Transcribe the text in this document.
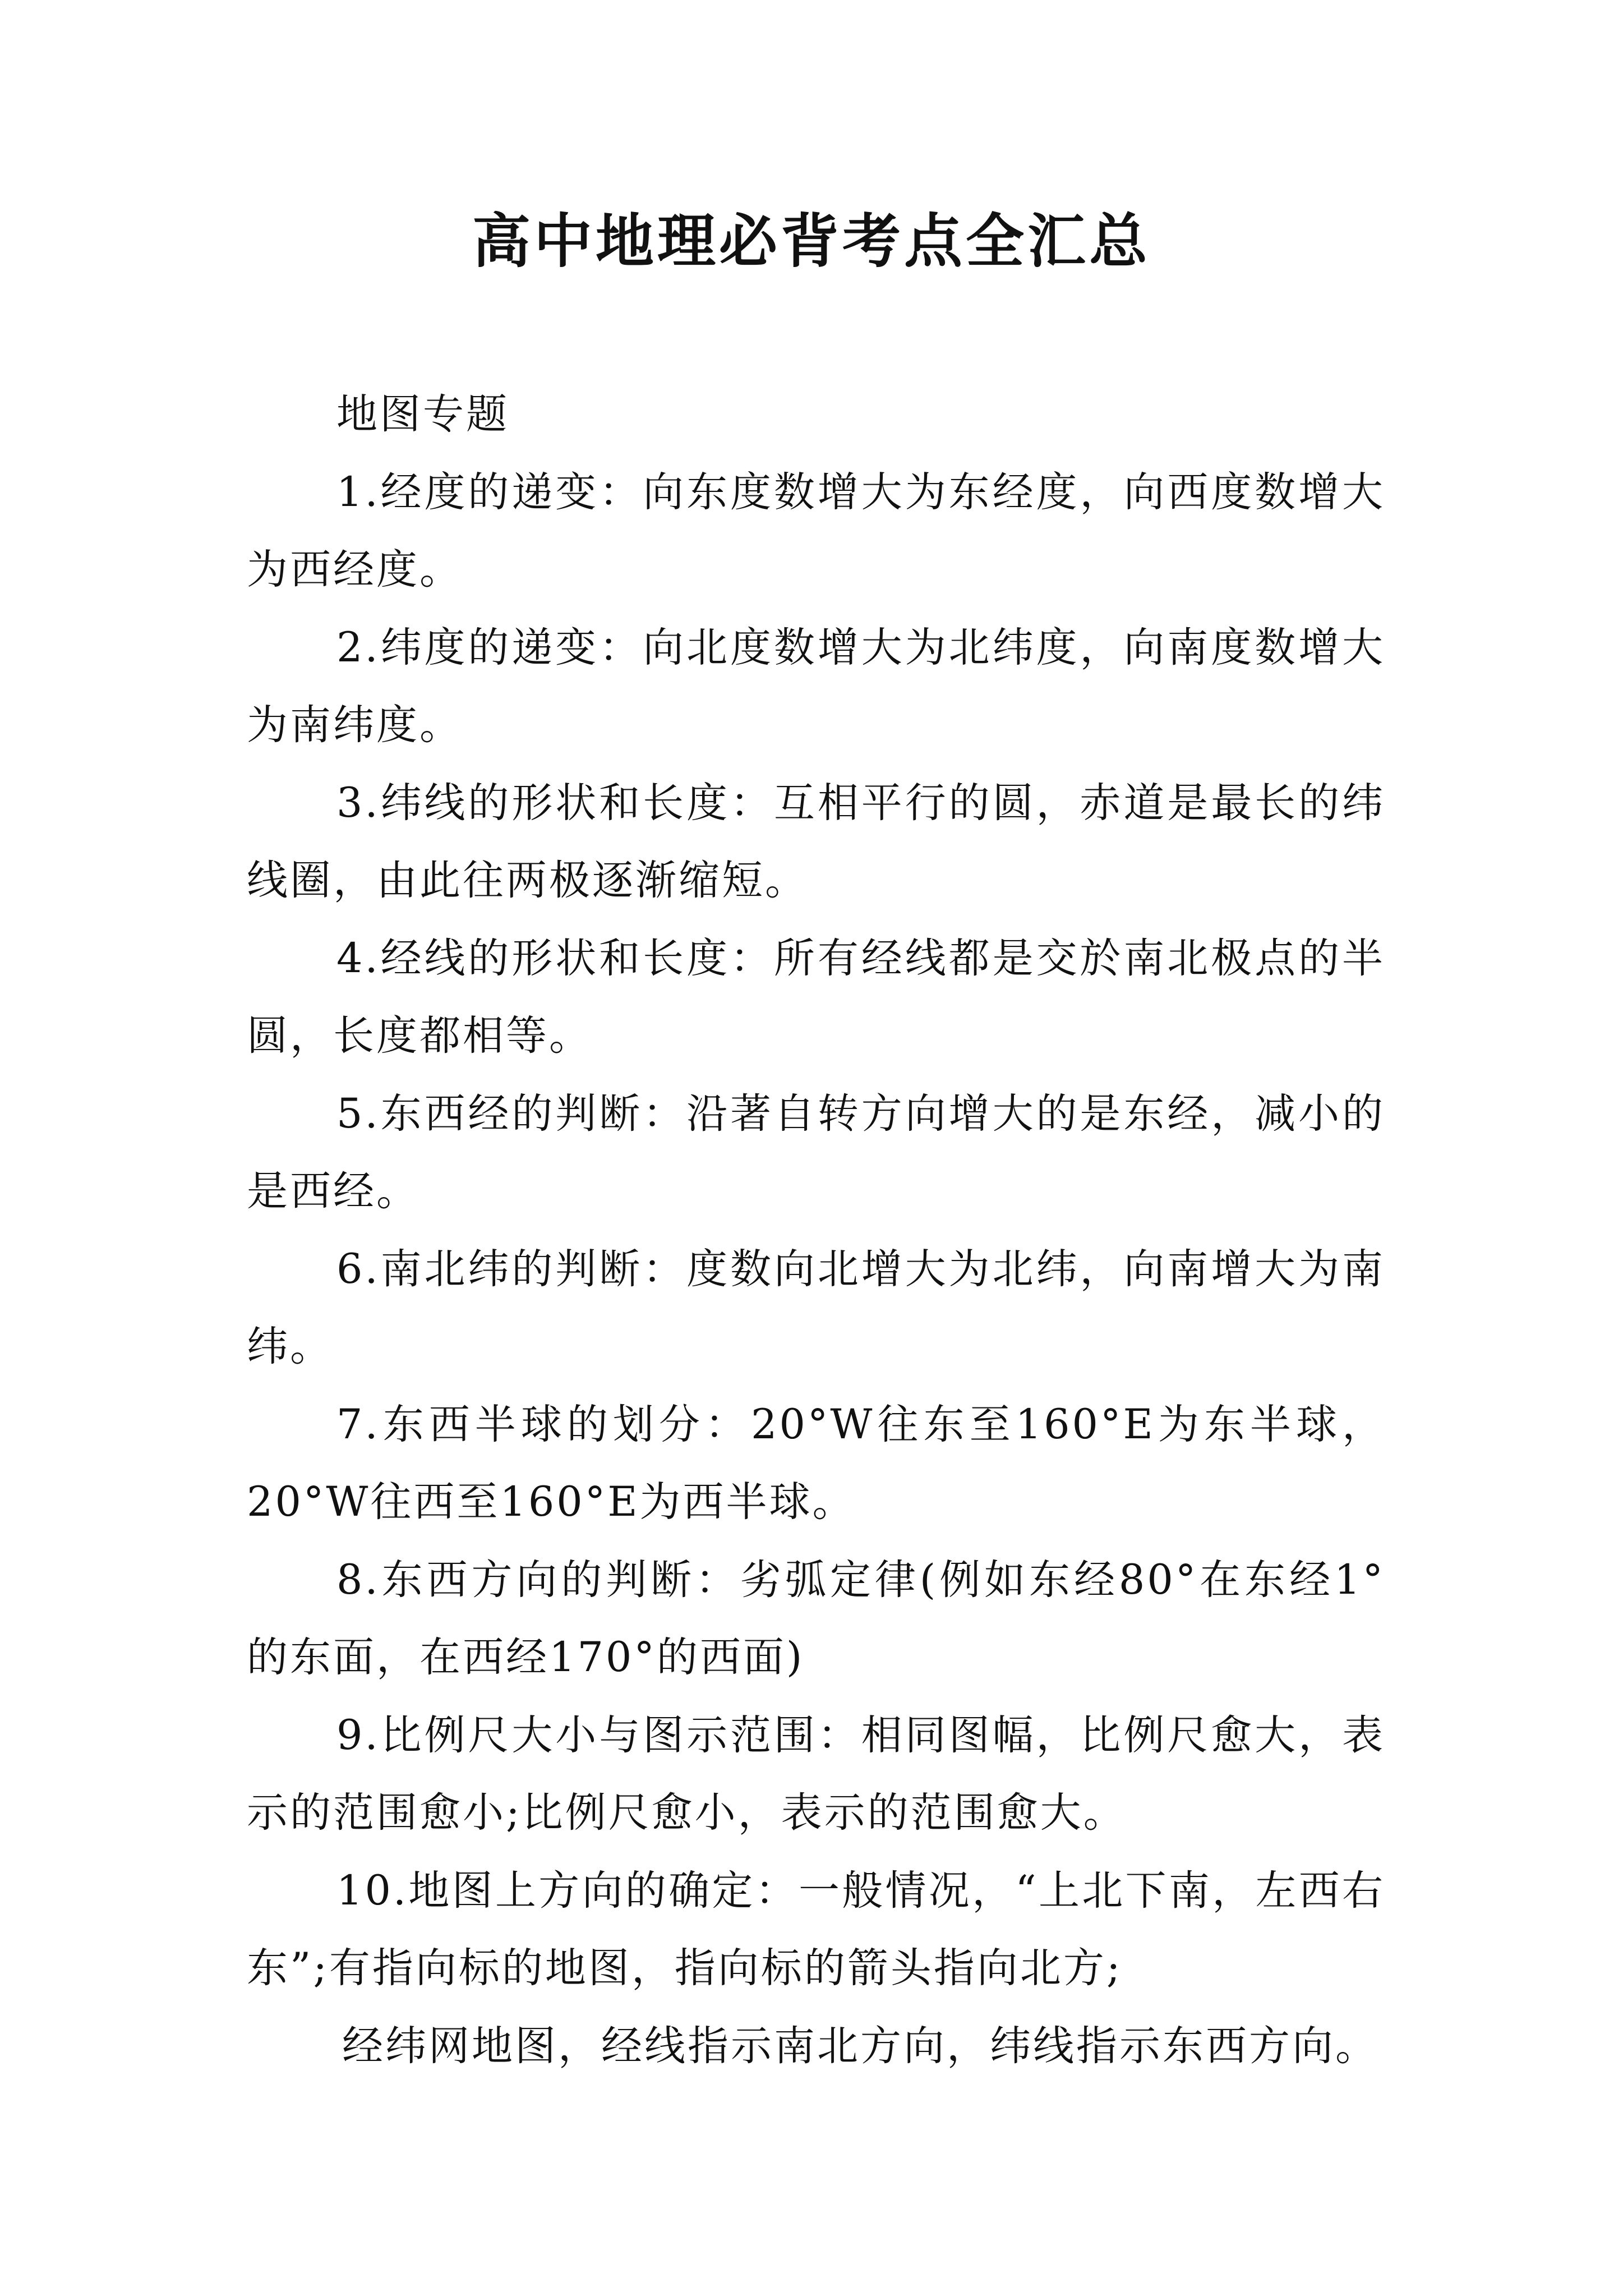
高中地理必背考点全汇总

地图专题

1.经度的递变：向东度数增大为东经度，向西度数增大为西经度。

2.纬度的递变：向北度数增大为北纬度，向南度数增大为南纬度。

3.纬线的形状和长度：互相平行的圆，赤道是最长的纬线圈，由此往两极逐渐缩短。

4.经线的形状和长度：所有经线都是交於南北极点的半圆，长度都相等。

5.东西经的判断：沿著自转方向增大的是东经，减小的是西经。

6.南北纬的判断：度数向北增大为北纬，向南增大为南纬。

7.东西半球的划分：20°W往东至160°E为东半球，20°W往西至160°E为西半球。

8.东西方向的判断：劣弧定律(例如东经80°在东经1°的东面，在西经170°的西面)

9.比例尺大小与图示范围：相同图幅，比例尺愈大，表示的范围愈小;比例尺愈小，表示的范围愈大。

10.地图上方向的确定：一般情况，“上北下南，左西右东”;有指向标的地图，指向标的箭头指向北方;

经纬网地图，经线指示南北方向，纬线指示东西方向。
